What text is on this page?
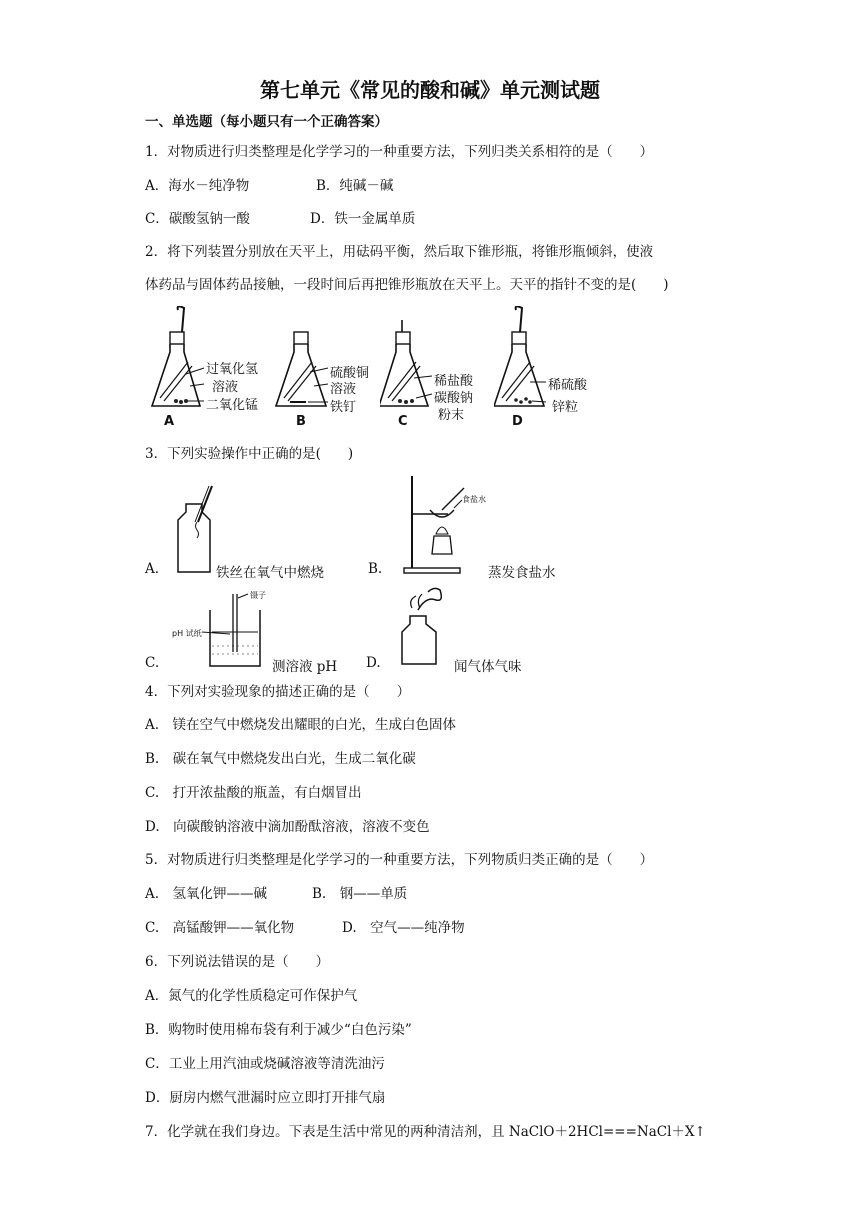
第七单元《常见的酸和碱》单元测试题
一、单选题（每小题只有一个正确答案）
1．对物质进行归类整理是化学学习的一种重要方法，下列归类关系相符的是（　　）
A．海水－纯净物	B．纯碱－碱
C．碳酸氢钠一酸	D．铁一金属单质
2．将下列装置分别放在天平上，用砝码平衡，然后取下锥形瓶，将锥形瓶倾斜，使液
体药品与固体药品接触，一段时间后再把锥形瓶放在天平上。天平的指针不变的是(　　)
过氧化氢
溶液
二氧化锰
A
硫酸铜
溶液
铁钉
B
稀盐酸
碳酸钠
粉末
C
稀硫酸
锌粒
D
3．下列实验操作中正确的是(　　)
A.	铁丝在氧气中燃烧	B.
食盐水
蒸发食盐水
C.
镊子
pH 试纸
测溶液 pH D.	闻气体气味
4．下列对实验现象的描述正确的是（　　）
A.　镁在空气中燃烧发出耀眼的白光，生成白色固体
B.　碳在氧气中燃烧发出白光，生成二氧化碳
C.　打开浓盐酸的瓶盖，有白烟冒出
D.　向碳酸钠溶液中滴加酚酞溶液，溶液不变色
5．对物质进行归类整理是化学学习的一种重要方法，下列物质归类正确的是（　　）
A.　氢氧化钾——碱	B.　钢——单质
C.　高锰酸钾——氧化物	D.　空气——纯净物
6．下列说法错误的是（　　）
A．氮气的化学性质稳定可作保护气
B．购物时使用棉布袋有利于减少“白色污染”
C．工业上用汽油或烧碱溶液等清洗油污
D．厨房内燃气泄漏时应立即打开排气扇
7．化学就在我们身边。下表是生活中常见的两种清洁剂，且 NaClO＋2HCl===NaCl＋X↑
